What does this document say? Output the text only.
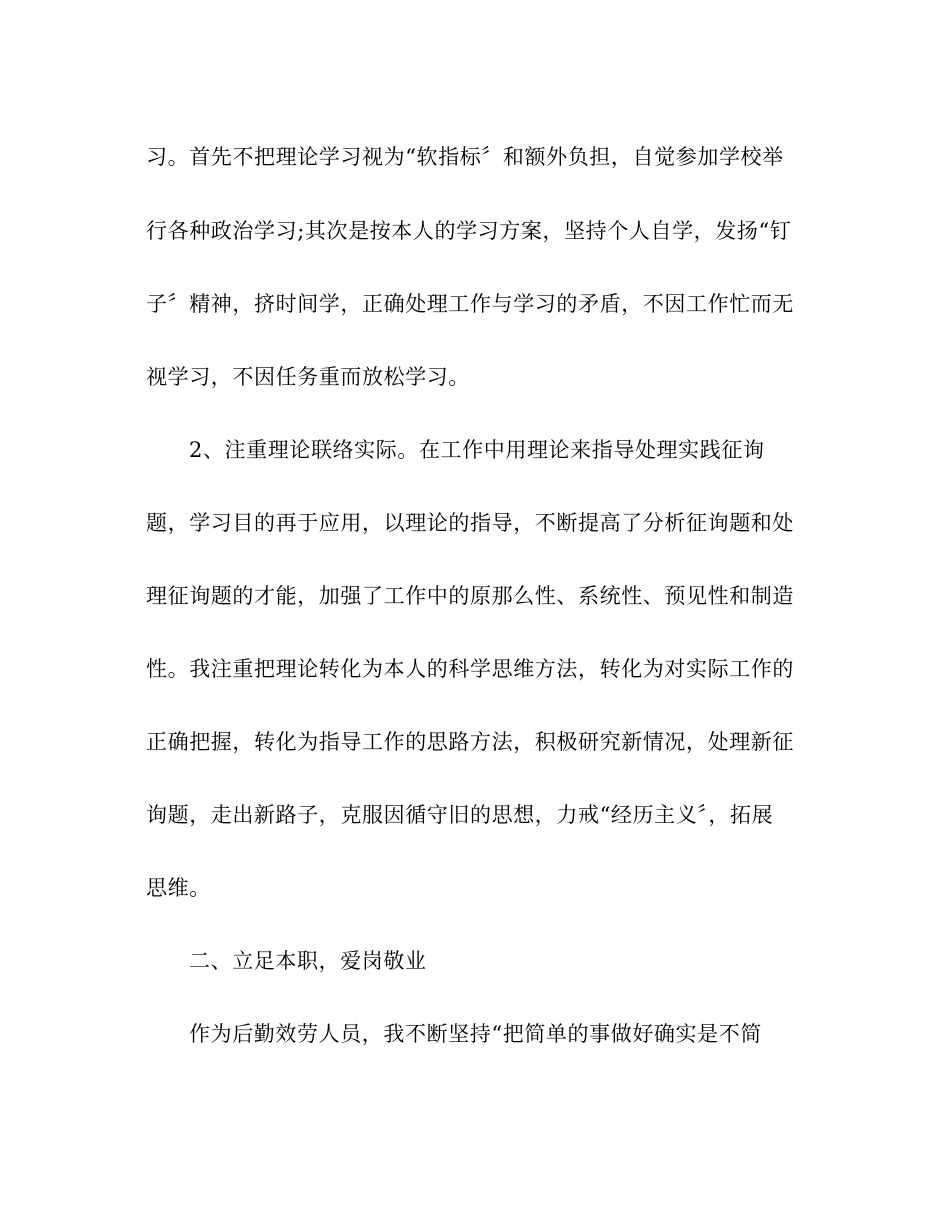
习。首先不把理论学习视为“软指标〞和额外负担，自觉参加学校举
行各种政治学习;其次是按本人的学习方案，坚持个人自学，发扬“钉
子〞精神，挤时间学，正确处理工作与学习的矛盾，不因工作忙而无
视学习，不因任务重而放松学习。
2、注重理论联络实际。在工作中用理论来指导处理实践征询
题，学习目的再于应用，以理论的指导，不断提高了分析征询题和处
理征询题的才能，加强了工作中的原那么性、系统性、预见性和制造
性。我注重把理论转化为本人的科学思维方法，转化为对实际工作的
正确把握，转化为指导工作的思路方法，积极研究新情况，处理新征
询题，走出新路子，克服因循守旧的思想，力戒“经历主义〞，拓展
思维。
二、立足本职，爱岗敬业
作为后勤效劳人员，我不断坚持“把简单的事做好确实是不简
